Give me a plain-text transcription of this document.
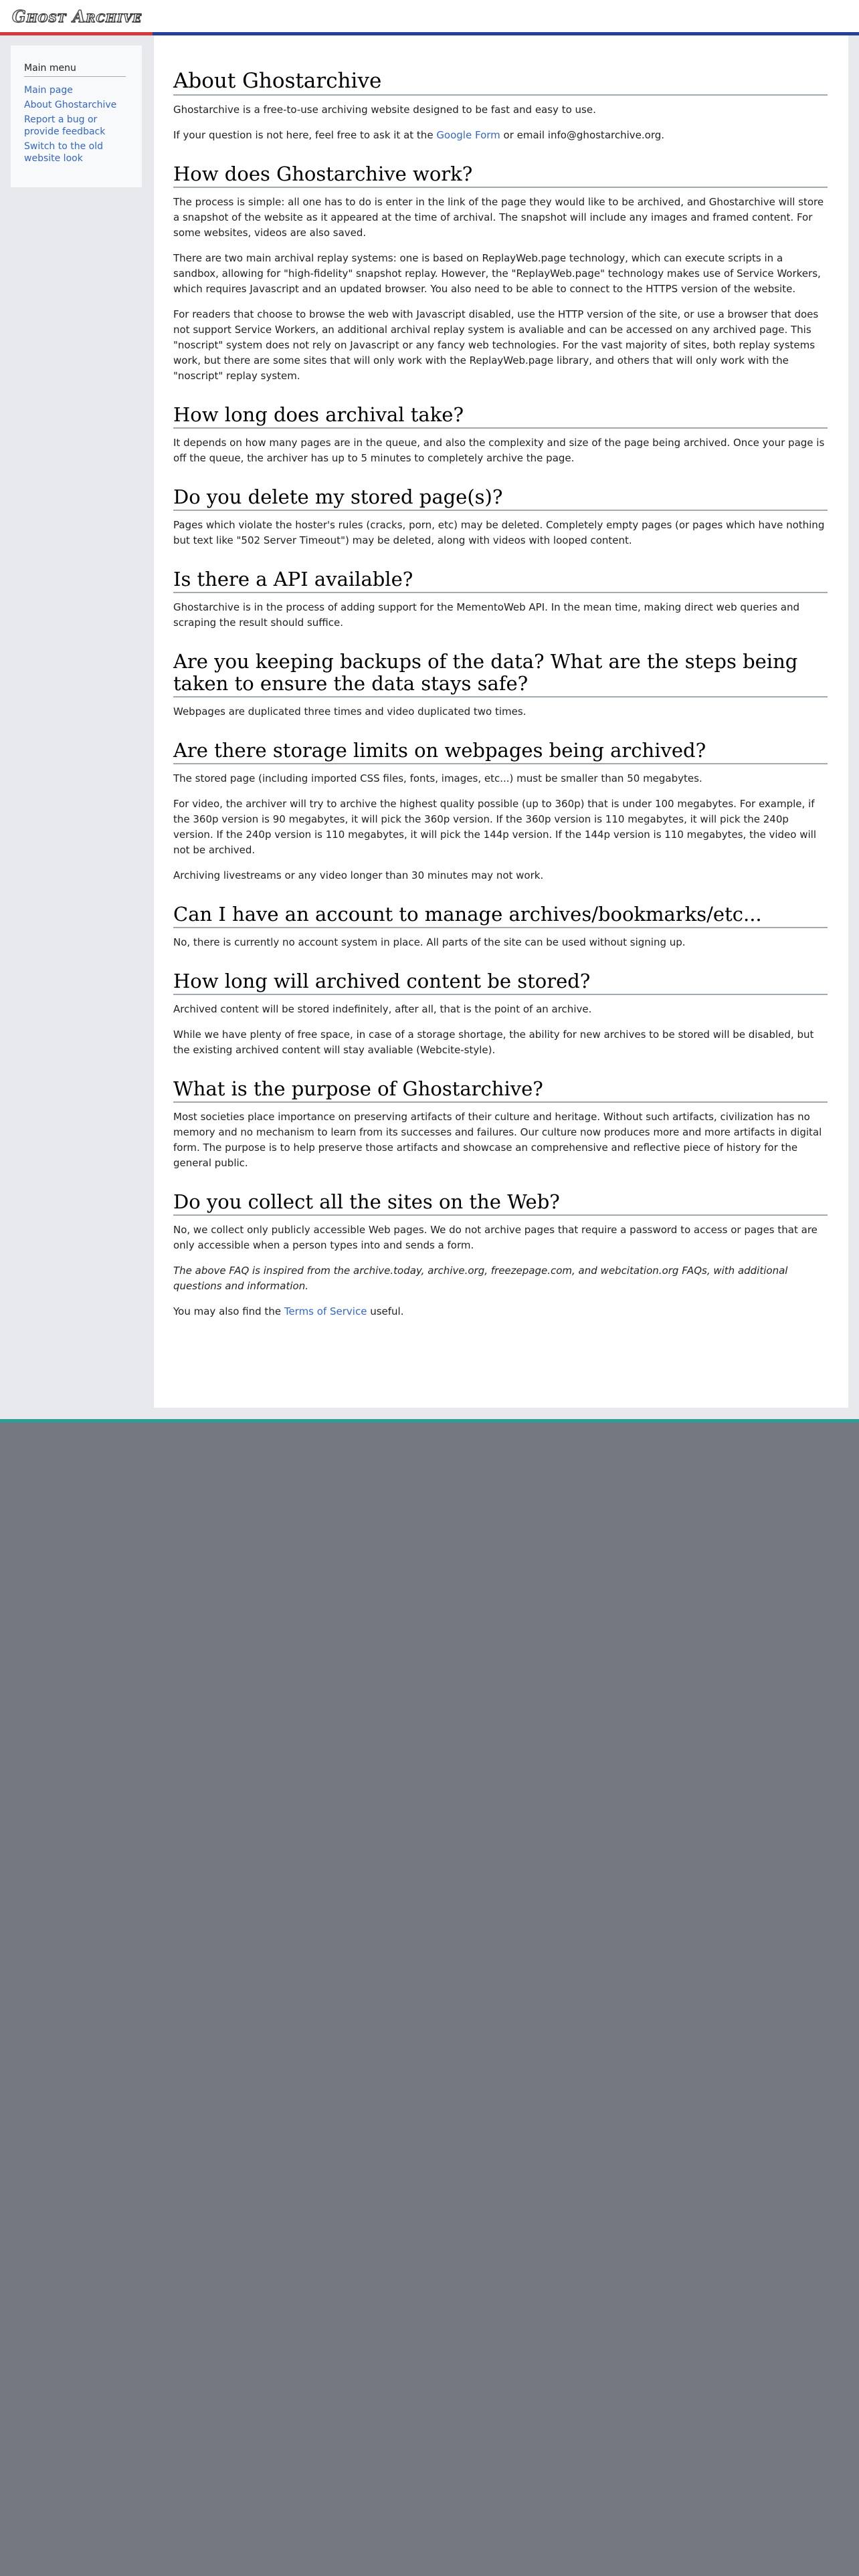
Ghost Archive
Main menu
Main page
About Ghostarchive
Report a bug or provide feedback
Switch to the old website look
About Ghostarchive

Ghostarchive is a free-to-use archiving website designed to be fast and easy to use.

If your question is not here, feel free to ask it at the Google Form or email info@ghostarchive.org.

How does Ghostarchive work?

The process is simple: all one has to do is enter in the link of the page they would like to be archived, and Ghostarchive will store a snapshot of the website as it appeared at the time of archival. The snapshot will include any images and framed content. For some websites, videos are also saved.

There are two main archival replay systems: one is based on ReplayWeb.page technology, which can execute scripts in a sandbox, allowing for "high-fidelity" snapshot replay. However, the "ReplayWeb.page" technology makes use of Service Workers, which requires Javascript and an updated browser. You also need to be able to connect to the HTTPS version of the website.

For readers that choose to browse the web with Javascript disabled, use the HTTP version of the site, or use a browser that does not support Service Workers, an additional archival replay system is avaliable and can be accessed on any archived page. This "noscript" system does not rely on Javascript or any fancy web technologies. For the vast majority of sites, both replay systems work, but there are some sites that will only work with the ReplayWeb.page library, and others that will only work with the "noscript" replay system.

How long does archival take?

It depends on how many pages are in the queue, and also the complexity and size of the page being archived. Once your page is off the queue, the archiver has up to 5 minutes to completely archive the page.

Do you delete my stored page(s)?

Pages which violate the hoster's rules (cracks, porn, etc) may be deleted. Completely empty pages (or pages which have nothing but text like "502 Server Timeout") may be deleted, along with videos with looped content.

Is there a API available?

Ghostarchive is in the process of adding support for the MementoWeb API. In the mean time, making direct web queries and scraping the result should suffice.

Are you keeping backups of the data? What are the steps being taken to ensure the data stays safe?

Webpages are duplicated three times and video duplicated two times.

Are there storage limits on webpages being archived?

The stored page (including imported CSS files, fonts, images, etc...) must be smaller than 50 megabytes.

For video, the archiver will try to archive the highest quality possible (up to 360p) that is under 100 megabytes. For example, if the 360p version is 90 megabytes, it will pick the 360p version. If the 360p version is 110 megabytes, it will pick the 240p version. If the 240p version is 110 megabytes, it will pick the 144p version. If the 144p version is 110 megabytes, the video will not be archived.

Archiving livestreams or any video longer than 30 minutes may not work.

Can I have an account to manage archives/bookmarks/etc...

No, there is currently no account system in place. All parts of the site can be used without signing up.

How long will archived content be stored?

Archived content will be stored indefinitely, after all, that is the point of an archive.

While we have plenty of free space, in case of a storage shortage, the ability for new archives to be stored will be disabled, but the existing archived content will stay avaliable (Webcite-style).

What is the purpose of Ghostarchive?

Most societies place importance on preserving artifacts of their culture and heritage. Without such artifacts, civilization has no memory and no mechanism to learn from its successes and failures. Our culture now produces more and more artifacts in digital form. The purpose is to help preserve those artifacts and showcase an comprehensive and reflective piece of history for the general public.

Do you collect all the sites on the Web?

No, we collect only publicly accessible Web pages. We do not archive pages that require a password to access or pages that are only accessible when a person types into and sends a form.

The above FAQ is inspired from the archive.today, archive.org, freezepage.com, and webcitation.org FAQs, with additional questions and information.

You may also find the Terms of Service useful.
